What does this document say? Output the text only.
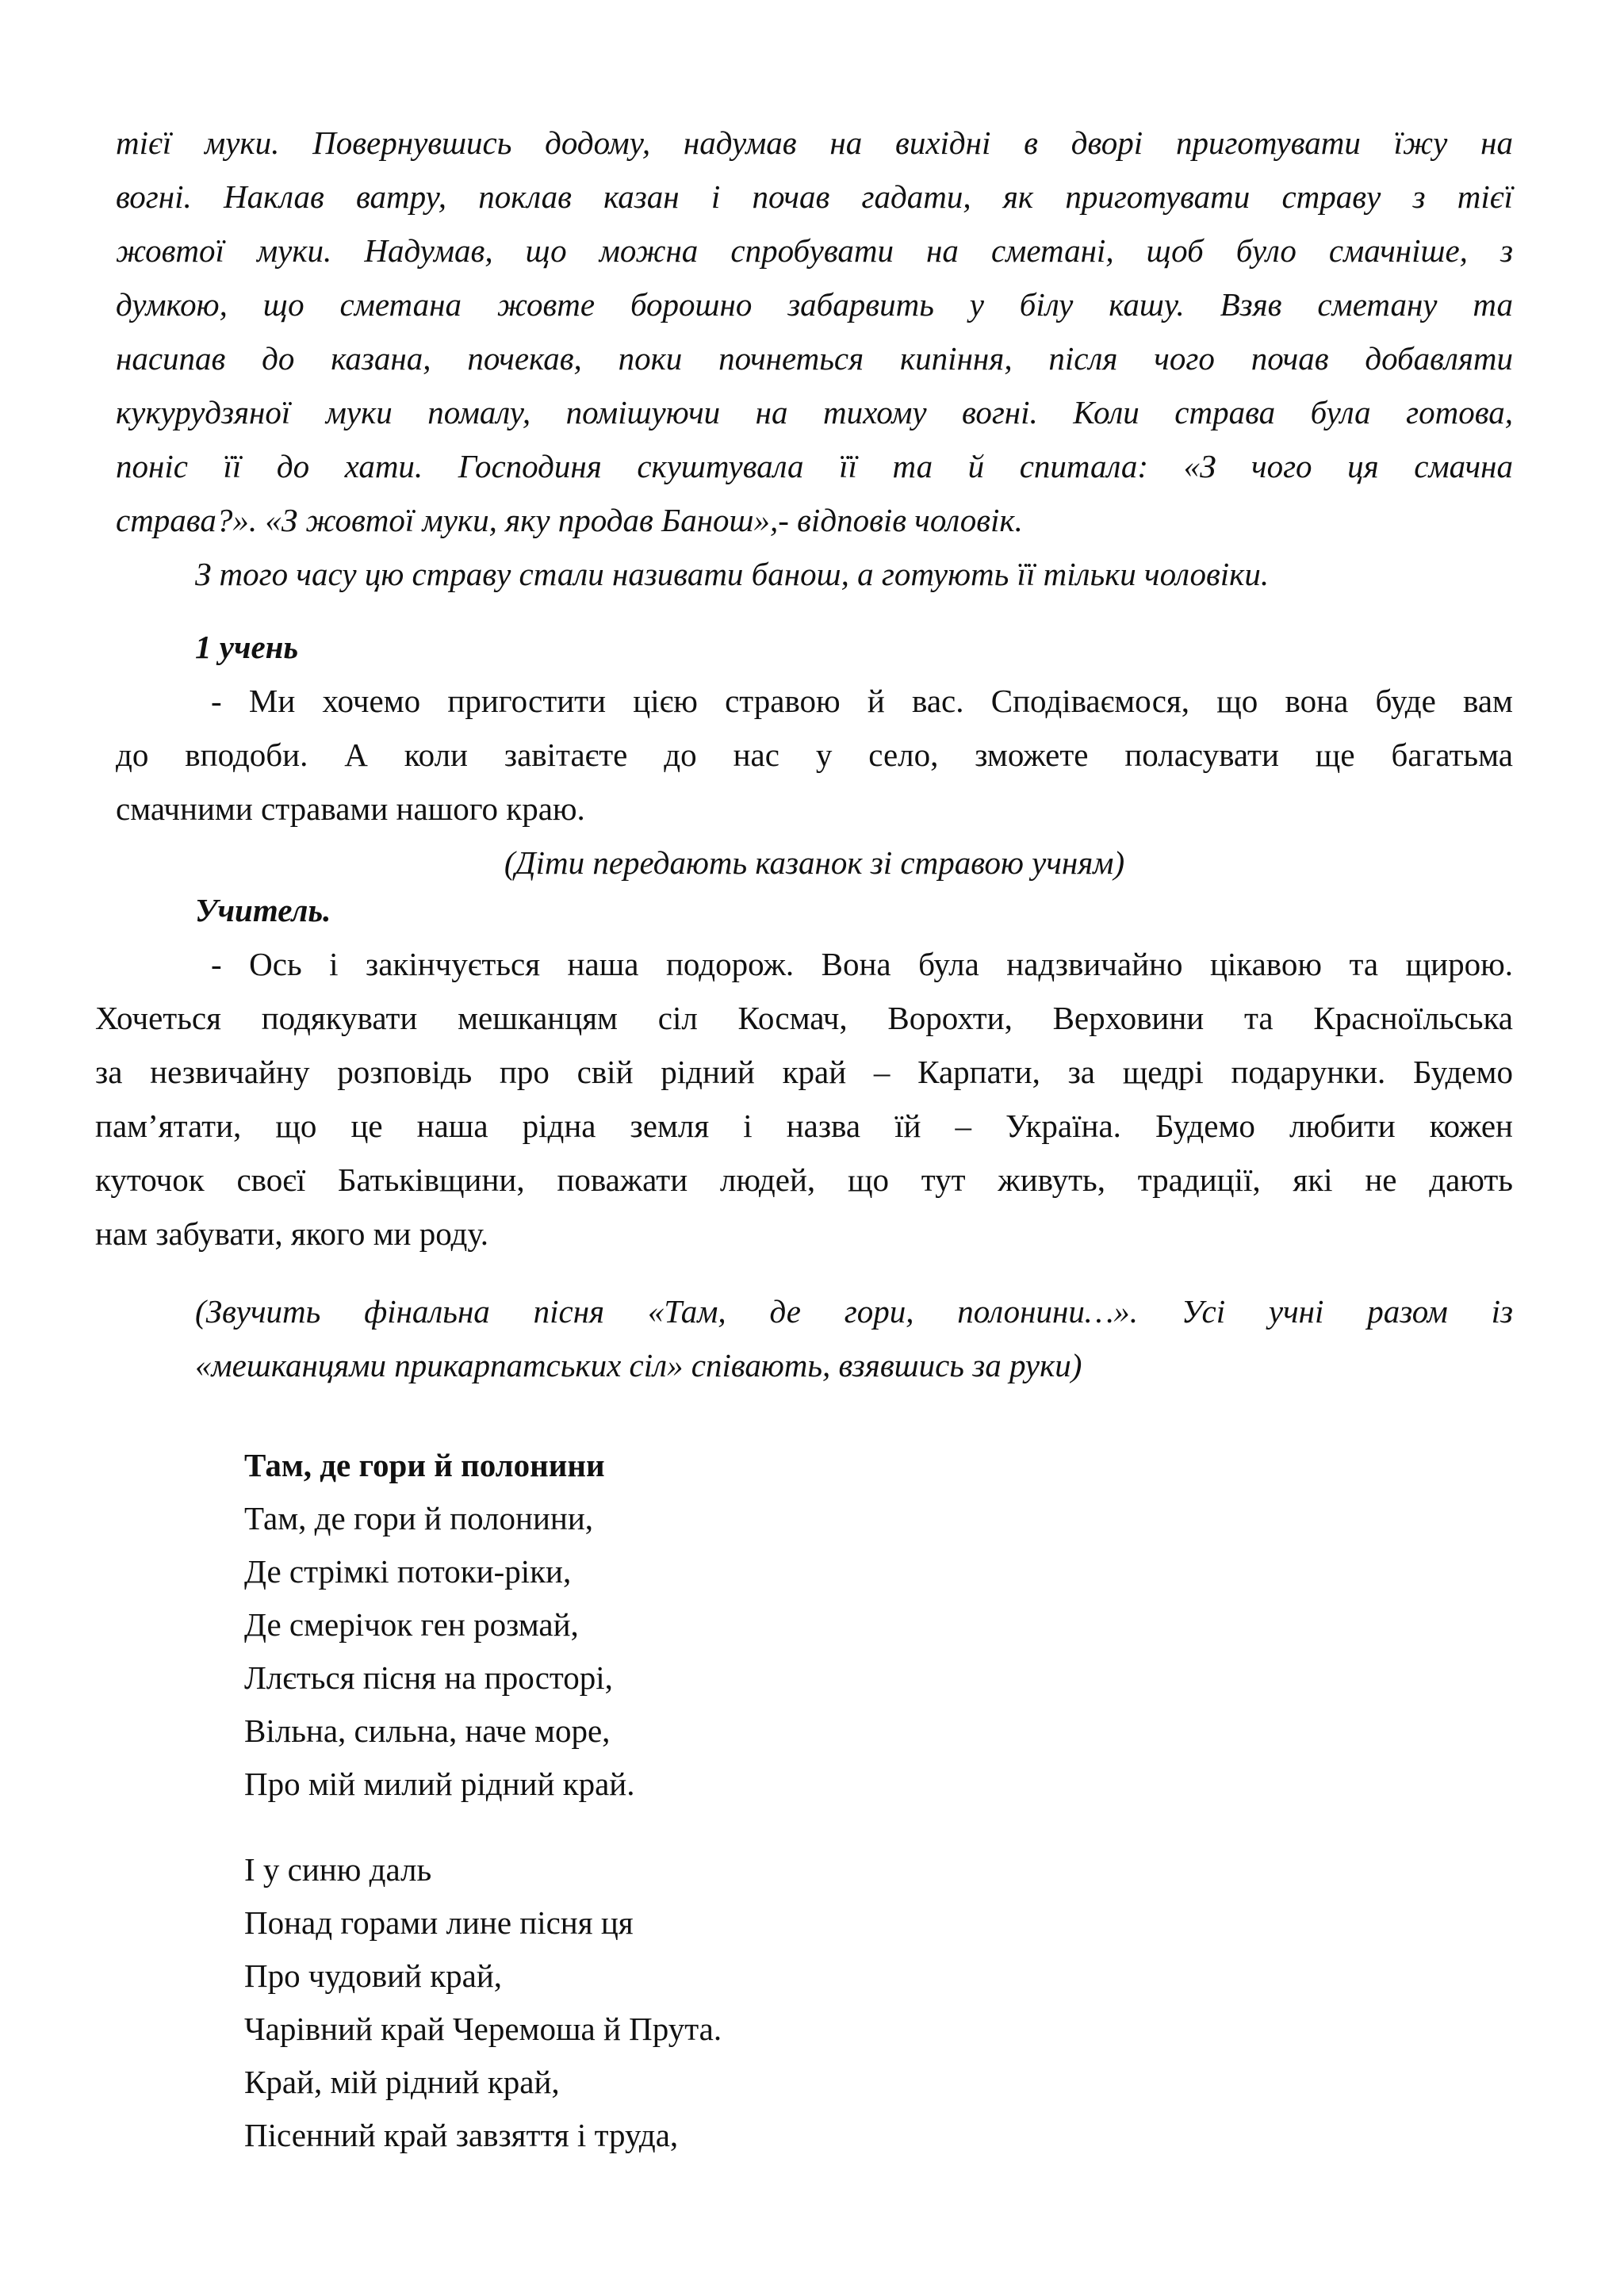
тієї муки. Повернувшись додому, надумав на вихідні в дворі приготувати їжу на
вогні. Наклав ватру, поклав казан і почав гадати, як приготувати страву з тієї
жовтої муки. Надумав, що можна спробувати на сметані, щоб було смачніше, з
думкою, що сметана жовте борошно забарвить у білу кашу. Взяв сметану та
насипав до казана, почекав, поки почнеться кипіння, після чого почав добавляти
кукурудзяної муки помалу, помішуючи на тихому вогні. Коли страва була готова,
поніс її до хати. Господиня скуштувала її та й спитала: «З чого ця смачна
страва?». «З жовтої муки, яку продав Банош»,- відповів чоловік.
З того часу цю страву стали називати банош, а готують її тільки чоловіки.
1 учень
- Ми хочемо пригостити цією стравою й вас. Сподіваємося, що вона буде вам
до вподоби. А коли завітаєте до нас у село, зможете поласувати ще багатьма
смачними стравами нашого краю.
(Діти передають казанок зі стравою учням)
Учитель.
- Ось і закінчується наша подорож. Вона була надзвичайно цікавою та щирою.
Хочеться подякувати мешканцям сіл Космач, Ворохти, Верховини та Красноїльська
за незвичайну розповідь про свій рідний край – Карпати, за щедрі подарунки. Будемо
пам’ятати, що це наша рідна земля і назва їй – Україна. Будемо любити кожен
куточок своєї Батьківщини, поважати людей, що тут живуть, традиції, які не дають
нам забувати, якого ми роду.
(Звучить фінальна пісня «Там, де гори, полонини…». Усі учні разом із
«мешканцями прикарпатських сіл» співають, взявшись за руки)
Там, де гори й полонини
Там, де гори й полонини,
Де стрімкі потоки-ріки,
Де смерічок ген розмай,
Ллється пісня на просторі,
Вільна, сильна, наче море,
Про мій милий рідний край.
І у синю даль
Понад горами лине пісня ця
Про чудовий край,
Чарівний край Черемоша й Прута.
Край, мій рідний край,
Пісенний край завзяття і труда,
